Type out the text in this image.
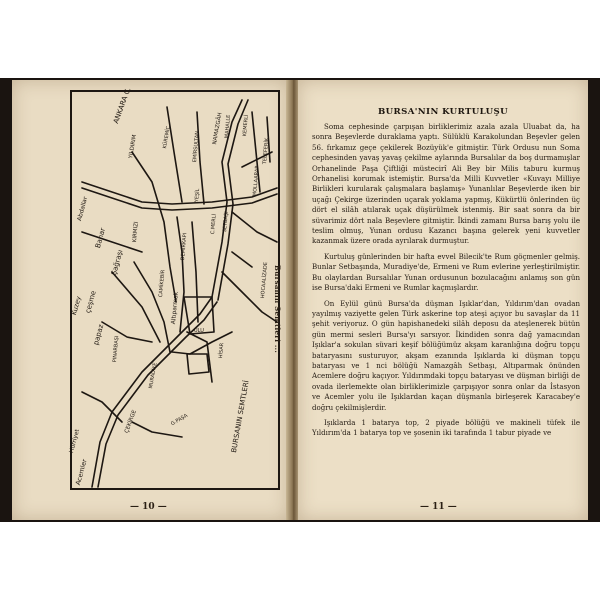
ANKARA C.
YILDIRIM	KÜREMİC	EMİRSULTAN
NAMAZGÂH MAHALLE
YEŞİL
KEMERLİ
TELEFERİK
MOLLAARAP
HOCAALİZADE
Abdallar
KIRMIZI	C.MERLİ SETBAŞI
DEMİRKAPI
Altıparmak
CAMİKEBİR
Bahar
Şağraşı
çeşme
papaz
Kuzey
PINARBAŞI
ÇEKİRGE
Acemler
Hürriyet
MURADİYE
G.PAŞA	BURSANIN SEMTLERİ
HİSAR
ULU
— 10 —
Bursanın Semtleri ...
BURSA'NIN KURTULUŞU

Soma cephesinde çarpışan birliklerimiz azala azala Uluabat da, ha sonra Beşevlerde duraklama yaptı. Sülüklü Karakolundan Beşevler gelen 56. fırkamız geçe çekilerek Bozüyük'e gitmiştir. Türk Ordusu nun Soma cephesinden yavaş yavaş çekilme aylarında Bursalılar da boş durmamışlar Orhanelinde Paşa Çiftliği müstecirî Ali Bey bir Milis taburu kurmuş Orhanelisi korumak istemiştir. Bursa'da Milli Kuvvetler «Kuvayı Milliye Birlikleri kurularak çalışmalara başlamış» Yunanlılar Beşevlerde iken bir uçağı Çekirge üzerinden uçarak yoklama yapmış, Kükürtlü önlerinden üç dört el silâh atılarak uçak düşürülmek istenmiş. Bir saat sonra da bir süvarimiz dört nala Beşevlere gitmiştir. İkindi zamanı Bursa barış yolu ile teslim olmuş, Yunan ordusu Kazancı başına gelerek yeni kuvvetler kazanmak üzere orada ayrılarak durmuştur.

Kurtuluş günlerinden bir hafta evvel Bilecik'te Rum göçmenler gelmiş. Bunlar Setbaşında, Muradiye'de, Ermeni ve Rum evlerine yerleştirilmiştir. Bu olaylardan Bursalılar Yunan ordusunun bozulacağını anlamış son gün ise Bursa'daki Ermeni ve Rumlar kaçmışlardır.

On Eylül günü Bursa'da düşman Işıklar'dan, Yıldırım'dan ovadan yayılmış vaziyette gelen Türk askerine top ateşi açıyor bu savaşlar da 11 şehit veriyoruz. O gün hapishanedeki silâh deposu da ateşlenerek bütün gün mermi sesleri Bursa'yı sarsıyor. İkindiden sonra dağ yamacından Işıklar'a sokulan süvari keşif bölüğümüz akşam karanlığına doğru topçu bataryasını susturuyor, akşam ezanında Işıklarda ki düşman topçu bataryası ve 1 nci bölüğü Namazgâh Setbaşı, Altıparmak önünden Acemlere doğru kaçıyor. Yıldırımdaki topçu bataryası ve düşman birliği de ovada ilerlemekte olan birliklerimizle çarpışıyor sonra onlar da İstasyon ve Acemler yolu ile Işıklardan kaçan düşmanla birleşerek Karacabey'e doğru çekilmişlerdir.

Işıklarda 1 batarya top, 2 piyade bölüğü ve makineli tüfek ile Yıldırım'da 1 batarya top ve şosenin iki tarafında 1 tabur piyade ve

— 11 —
